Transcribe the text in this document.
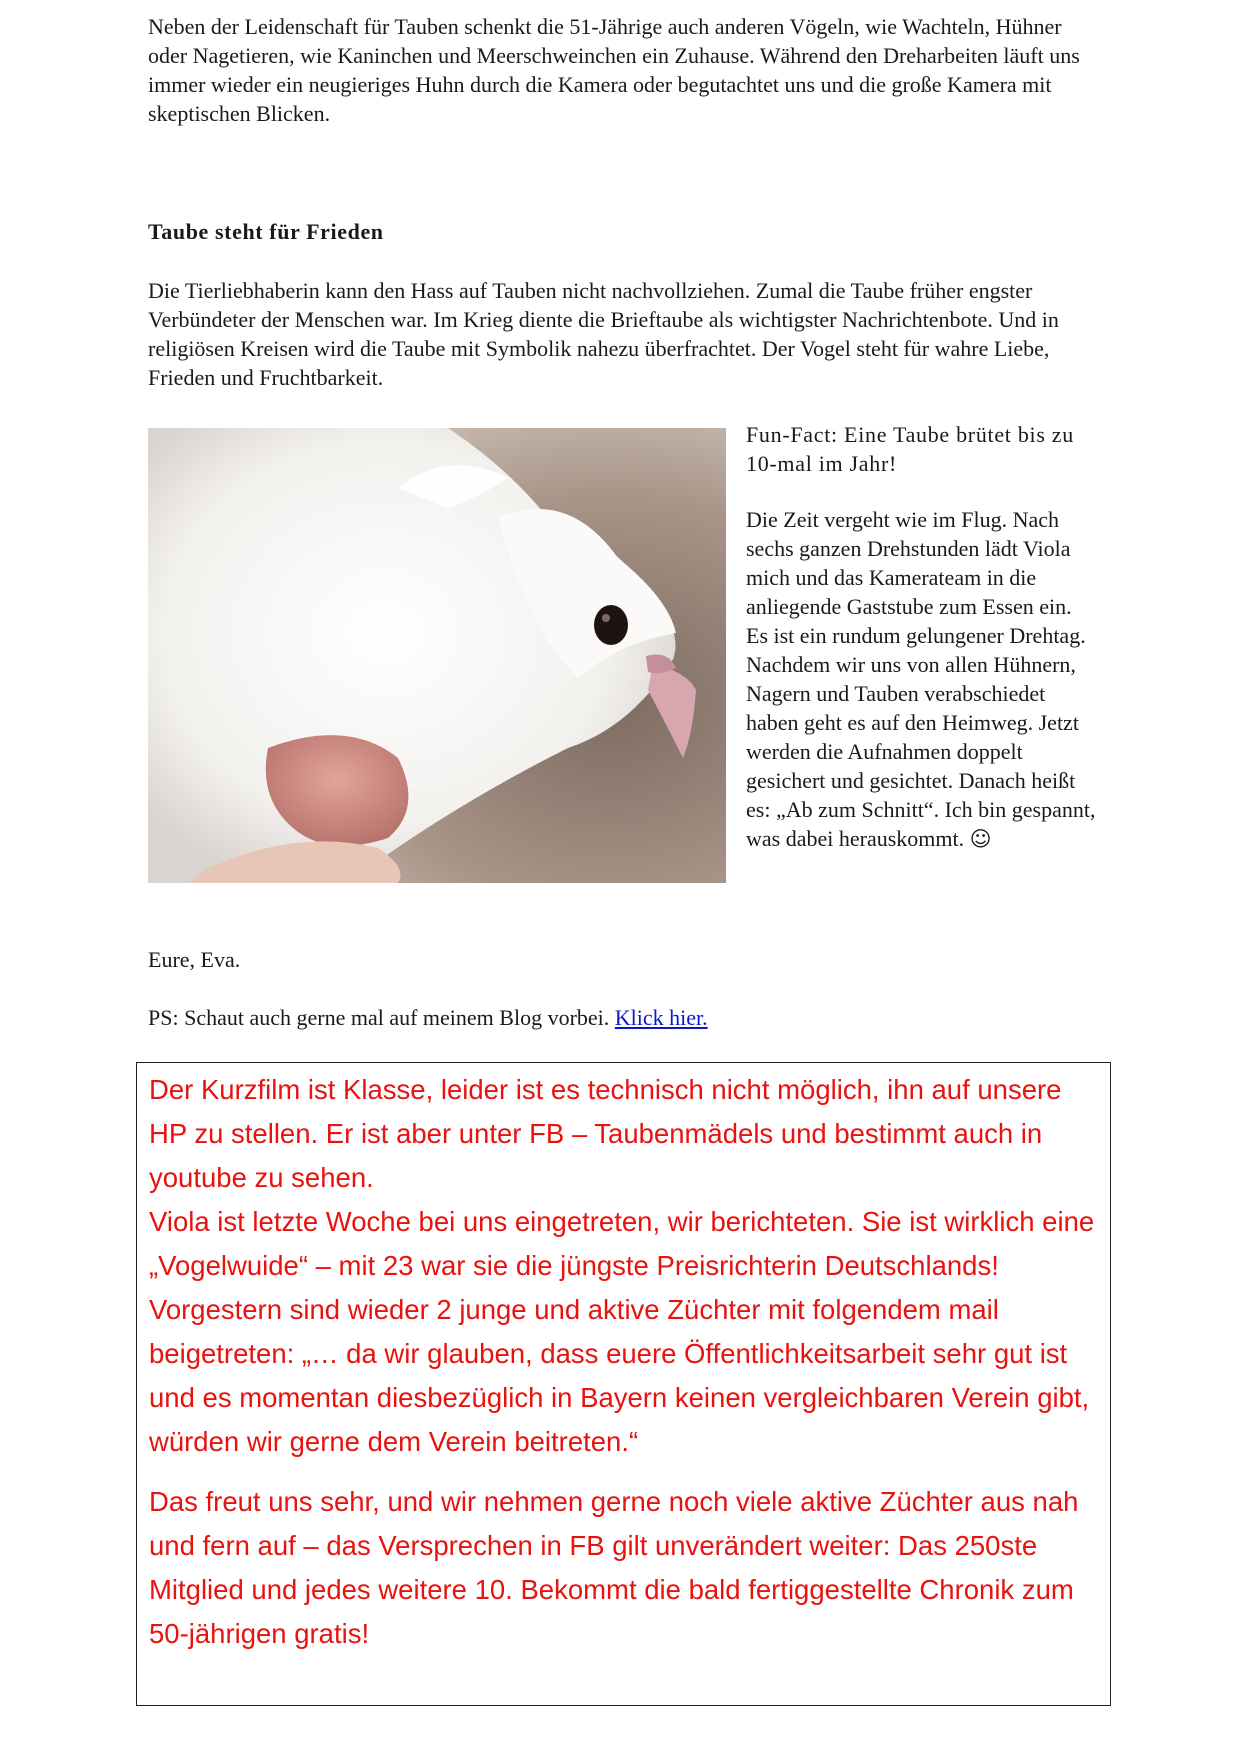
Neben der Leidenschaft für Tauben schenkt die 51-Jährige auch anderen Vögeln, wie Wachteln, Hühner oder Nagetieren, wie Kaninchen und Meerschweinchen ein Zuhause. Während den Dreharbeiten läuft uns immer wieder ein neugieriges Huhn durch die Kamera oder begutachtet uns und die große Kamera mit skeptischen Blicken.

Taube steht für Frieden

Die Tierliebhaberin kann den Hass auf Tauben nicht nachvollziehen. Zumal die Taube früher engster Verbündeter der Menschen war. Im Krieg diente die Brieftaube als wichtigster Nachrichtenbote. Und in religiösen Kreisen wird die Taube mit Symbolik nahezu überfrachtet. Der Vogel steht für wahre Liebe, Frieden und Fruchtbarkeit.

Fun-Fact: Eine Taube brütet bis zu 10-mal im Jahr!

Die Zeit vergeht wie im Flug. Nach sechs ganzen Drehstunden lädt Viola mich und das Kamerateam in die anliegende Gaststube zum Essen ein. Es ist ein rundum gelungener Drehtag. Nachdem wir uns von allen Hühnern, Nagern und Tauben verabschiedet haben geht es auf den Heimweg. Jetzt werden die Aufnahmen doppelt gesichert und gesichtet. Danach heißt es: „Ab zum Schnitt“. Ich bin gespannt, was dabei herauskommt. ☺

Eure, Eva.

PS: Schaut auch gerne mal auf meinem Blog vorbei. Klick hier.

Der Kurzfilm ist Klasse, leider ist es technisch nicht möglich, ihn auf unsere HP zu stellen. Er ist aber unter FB – Taubenmädels und bestimmt auch in youtube zu sehen.

Viola ist letzte Woche bei uns eingetreten, wir berichteten. Sie ist wirklich eine „Vogelwuide“ – mit 23 war sie die jüngste Preisrichterin Deutschlands!

Vorgestern sind wieder 2 junge und aktive Züchter mit folgendem mail beigetreten: „… da wir glauben, dass euere Öffentlichkeitsarbeit sehr gut ist und es momentan diesbezüglich in Bayern keinen vergleichbaren Verein gibt, würden wir gerne dem Verein beitreten.“

Das freut uns sehr, und wir nehmen gerne noch viele aktive Züchter aus nah und fern auf – das Versprechen in FB gilt unverändert weiter: Das 250ste Mitglied und jedes weitere 10. Bekommt die bald fertiggestellte Chronik zum 50-jährigen gratis!
